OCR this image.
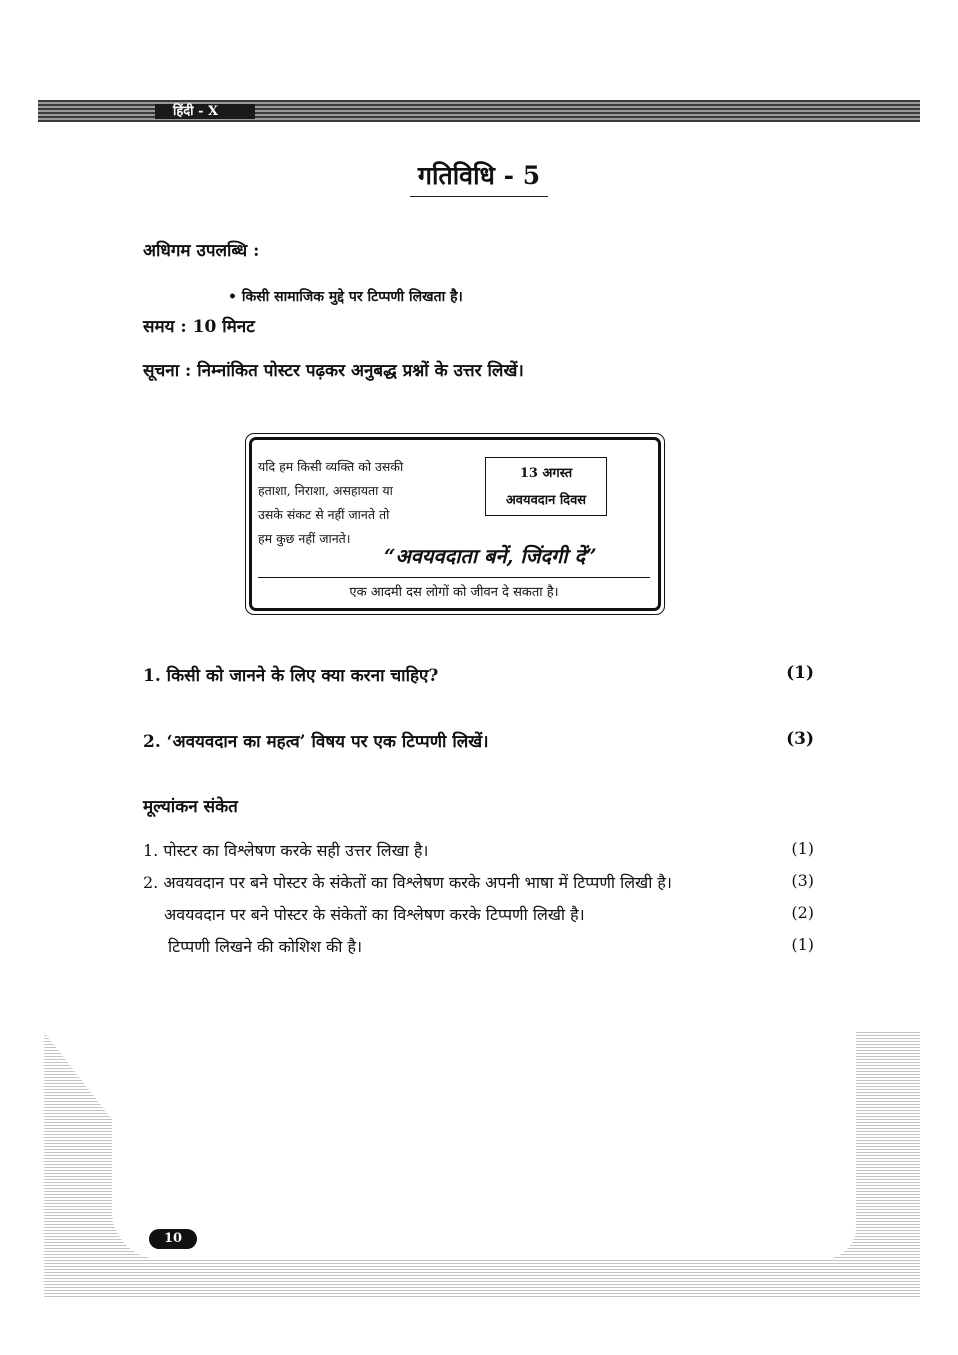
हिंदी - X
गतिविधि - 5
अधिगम उपलब्धि :
• किसी सामाजिक मुद्दे पर टिप्पणी लिखता है।
समय : 10 मिनट
सूचना : निम्नांकित पोस्टर पढ़कर अनुबद्ध प्रश्नों के उत्तर लिखें।

यदि हम किसी व्यक्ति को उसकी
हताशा, निराशा, असहायता या
उसके संकट से नहीं जानते तो
हम कुछ नहीं जानते।

13 अगस्त
अवयवदान दिवस
“अवयवदाता बनें, जिंदगी दें”
एक आदमी दस लोगों को जीवन दे सकता है।
1. किसी को जानने के लिए क्या करना चाहिए?	(1)
2. ‘अवयवदान का महत्व’ विषय पर एक टिप्पणी लिखें।	(3)
मूल्यांकन संकेत
1. पोस्टर का विश्लेषण करके सही उत्तर लिखा है।	(1)
2. अवयवदान पर बने पोस्टर के संकेतों का विश्लेषण करके अपनी भाषा में टिप्पणी लिखी है।	(3)
अवयवदान पर बने पोस्टर के संकेतों का विश्लेषण करके टिप्पणी लिखी है।	(2)
टिप्पणी लिखने की कोशिश की है।	(1)
10
